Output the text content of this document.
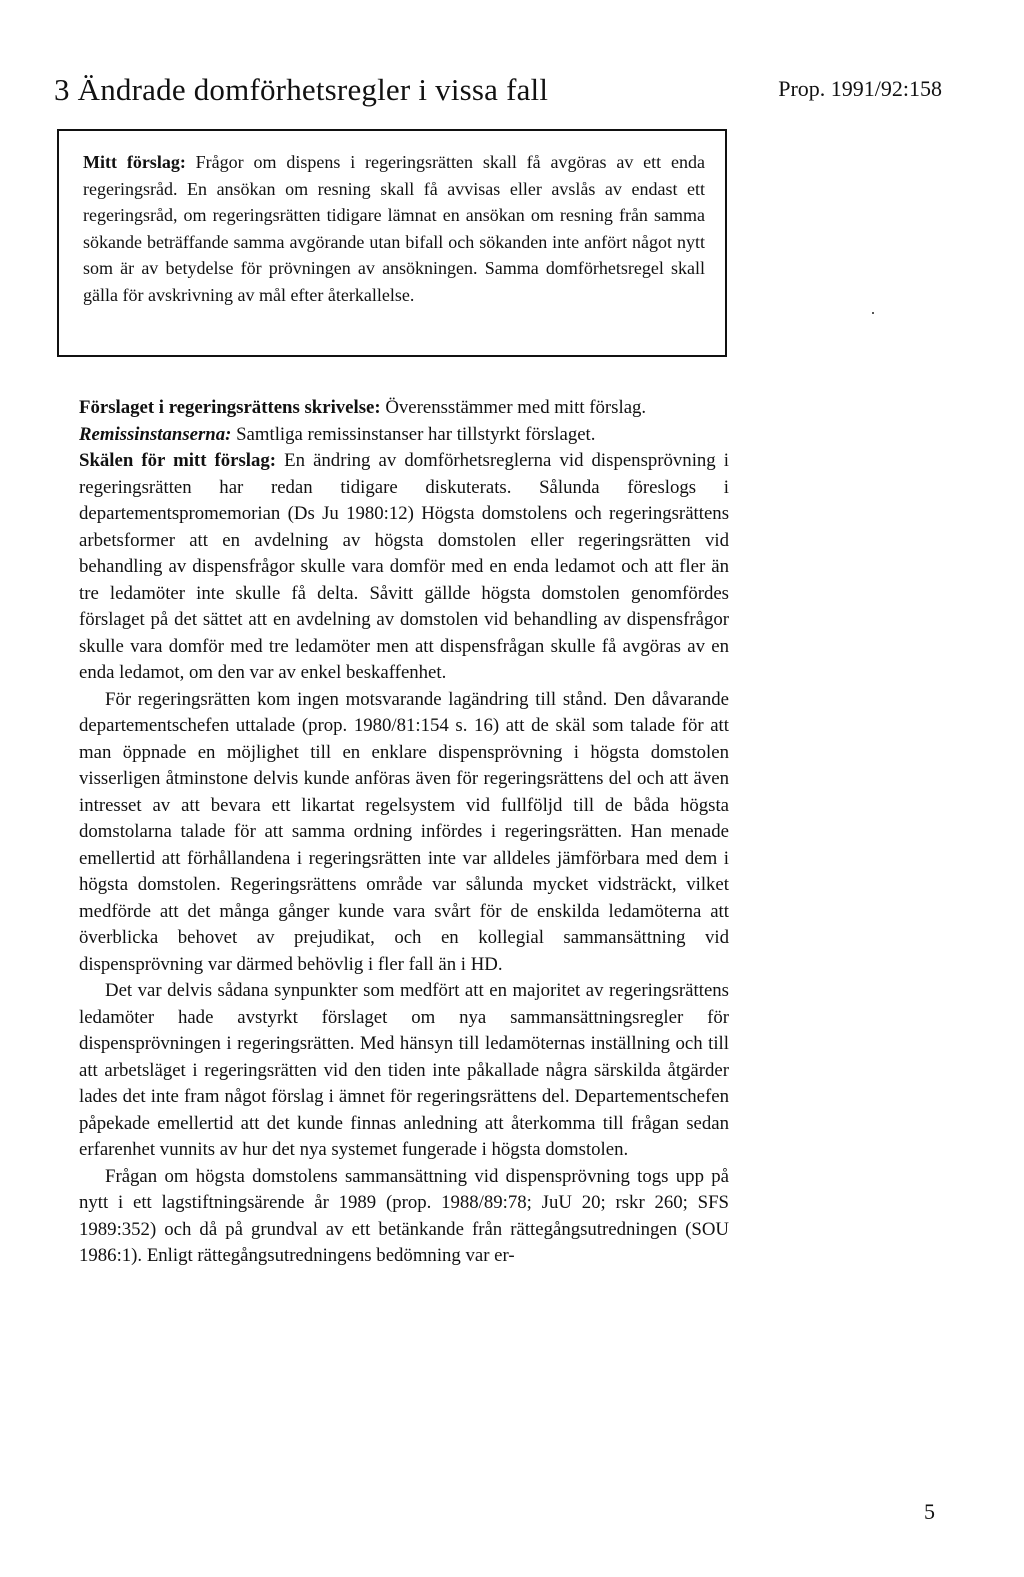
3 Ändrade domförhetsregler i vissa fall	Prop. 1991/92:158

Mitt förslag: Frågor om dispens i regeringsrätten skall få avgöras av ett enda regeringsråd. En ansökan om resning skall få avvisas eller avslås av endast ett regeringsråd, om regeringsrätten tidigare lämnat en ansökan om resning från samma sökande beträffande samma avgörande utan bifall och sökanden inte anfört något nytt som är av betydelse för prövningen av ansökningen. Samma domförhetsregel skall gälla för avskrivning av mål efter återkallelse.

Förslaget i regeringsrättens skrivelse: Överensstämmer med mitt förslag.

Remissinstanserna: Samtliga remissinstanser har tillstyrkt förslaget.

Skälen för mitt förslag: En ändring av domförhetsreglerna vid dispensprövning i regeringsrätten har redan tidigare diskuterats. Sålunda föreslogs i departementspromemorian (Ds Ju 1980:12) Högsta domstolens och regeringsrättens arbetsformer att en avdelning av högsta domstolen eller regeringsrätten vid behandling av dispensfrågor skulle vara domför med en enda ledamot och att fler än tre ledamöter inte skulle få delta. Såvitt gällde högsta domstolen genomfördes förslaget på det sättet att en avdelning av domstolen vid behandling av dispensfrågor skulle vara domför med tre ledamöter men att dispensfrågan skulle få avgöras av en enda ledamot, om den var av enkel beskaffenhet.

För regeringsrätten kom ingen motsvarande lagändring till stånd. Den dåvarande departementschefen uttalade (prop. 1980/81:154 s. 16) att de skäl som talade för att man öppnade en möjlighet till en enklare dispensprövning i högsta domstolen visserligen åtminstone delvis kunde anföras även för regeringsrättens del och att även intresset av att bevara ett likartat regelsystem vid fullföljd till de båda högsta domstolarna talade för att samma ordning infördes i regeringsrätten. Han menade emellertid att förhållandena i regeringsrätten inte var alldeles jämförbara med dem i högsta domstolen. Regeringsrättens område var sålunda mycket vidsträckt, vilket medförde att det många gånger kunde vara svårt för de enskilda ledamöterna att överblicka behovet av prejudikat, och en kollegial sammansättning vid dispensprövning var därmed behövlig i fler fall än i HD.

Det var delvis sådana synpunkter som medfört att en majoritet av regeringsrättens ledamöter hade avstyrkt förslaget om nya sammansättningsregler för dispensprövningen i regeringsrätten. Med hänsyn till ledamöternas inställning och till att arbetsläget i regeringsrätten vid den tiden inte påkallade några särskilda åtgärder lades det inte fram något förslag i ämnet för regeringsrättens del. Departementschefen påpekade emellertid att det kunde finnas anledning att återkomma till frågan sedan erfarenhet vunnits av hur det nya systemet fungerade i högsta domstolen.

Frågan om högsta domstolens sammansättning vid dispensprövning togs upp på nytt i ett lagstiftningsärende år 1989 (prop. 1988/89:78; JuU 20; rskr 260; SFS 1989:352) och då på grundval av ett betänkande från rättegångsutredningen (SOU 1986:1). Enligt rättegångsutredningens bedömning var er-

5
